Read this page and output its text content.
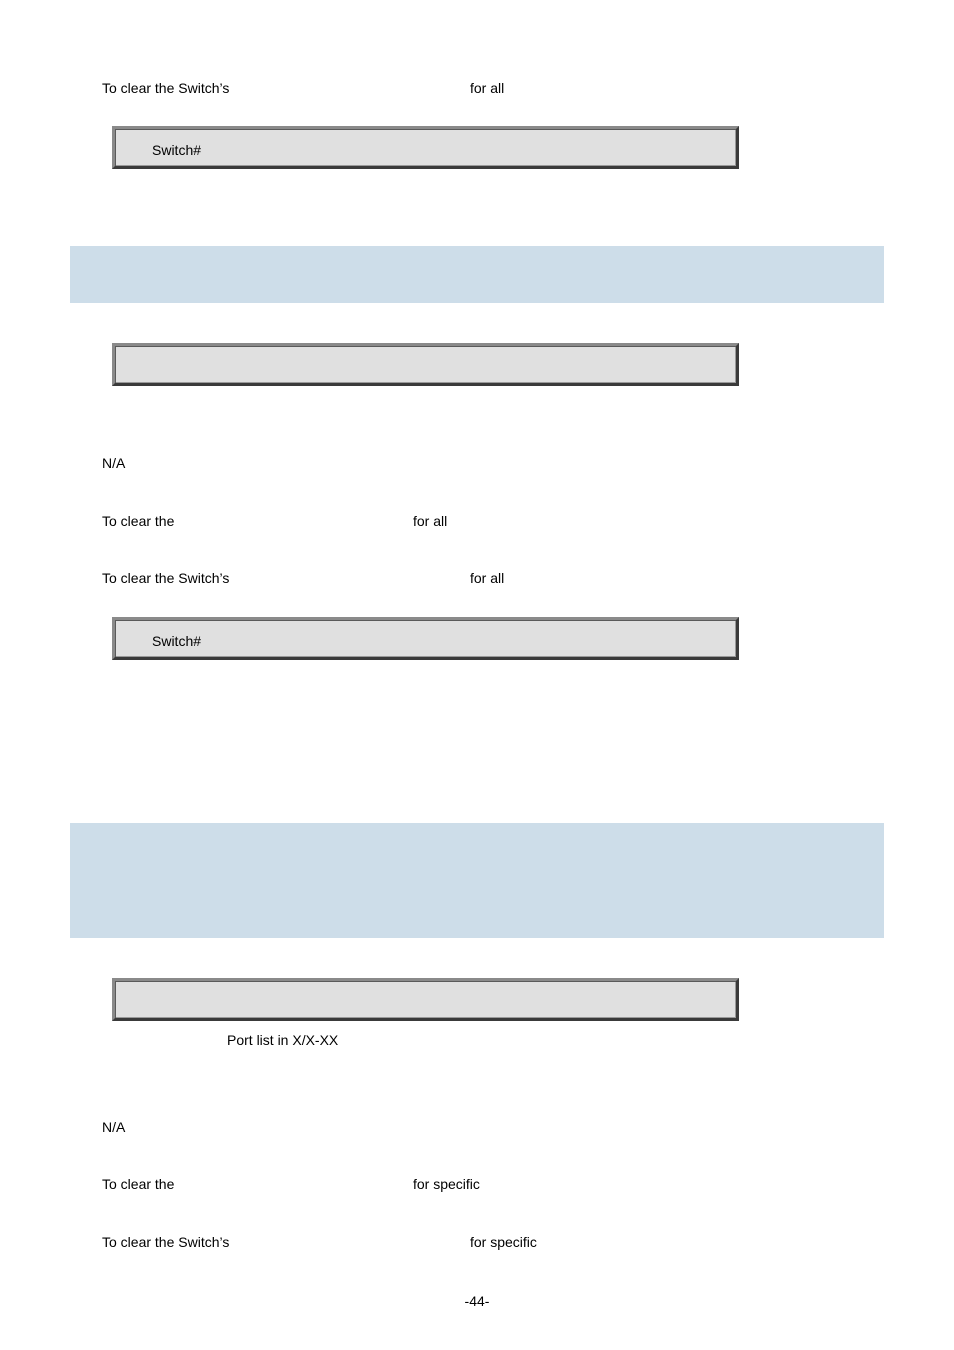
To clear the Switch’s	for all
Switch#
N/A
To clear the	for all
To clear the Switch’s	for all
Switch#
Port list in X/X-XX
N/A
To clear the	for specific
To clear the Switch’s	for specific
-44-
